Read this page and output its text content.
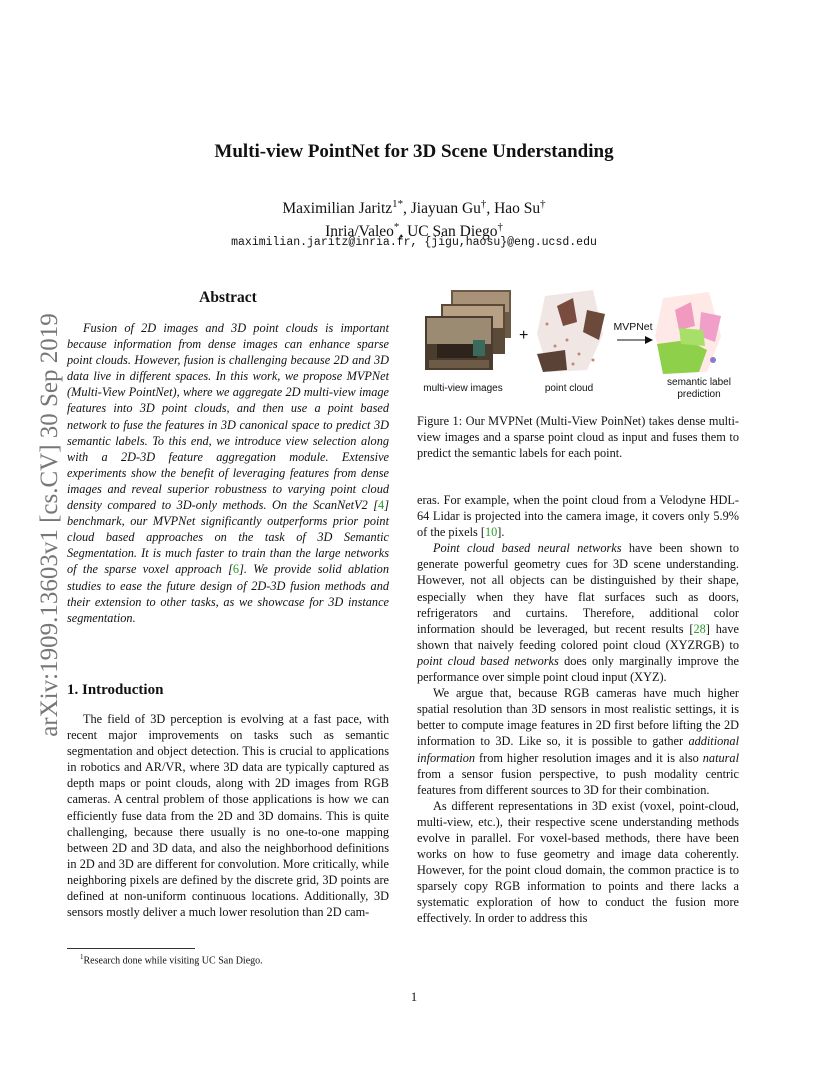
Multi-view PointNet for 3D Scene Understanding
Maximilian Jaritz$^{1*}$, Jiayuan Gu†, Hao Su†
Inria/Valeo*, UC San Diego†
maximilian.jaritz@inria.fr, {jigu,haosu}@eng.ucsd.edu
arXiv:1909.13603v1 [cs.CV] 30 Sep 2019
Abstract
Fusion of 2D images and 3D point clouds is important because information from dense images can enhance sparse point clouds. However, fusion is challenging because 2D and 3D data live in different spaces. In this work, we propose MVPNet (Multi-View PointNet), where we aggregate 2D multi-view image features into 3D point clouds, and then use a point based network to fuse the features in 3D canonical space to predict 3D semantic labels. To this end, we introduce view selection along with a 2D-3D feature aggregation module. Extensive experiments show the benefit of leveraging features from dense images and reveal superior robustness to varying point cloud density compared to 3D-only methods. On the ScanNetV2 [4] benchmark, our MVPNet significantly outperforms prior point cloud based approaches on the task of 3D Semantic Segmentation. It is much faster to train than the large networks of the sparse voxel approach [6]. We provide solid ablation studies to ease the future design of 2D-3D fusion methods and their extension to other tasks, as we showcase for 3D instance segmentation.
1. Introduction
The field of 3D perception is evolving at a fast pace, with recent major improvements on tasks such as semantic segmentation and object detection. This is crucial to applications in robotics and AR/VR, where 3D data are typically captured as depth maps or point clouds, along with 2D images from RGB cameras. A central problem of those applications is how we can efficiently fuse data from the 2D and 3D domains. This is quite challenging, because there usually is no one-to-one mapping between 2D and 3D data, and also the neighborhood definitions in 2D and 3D are different for convolution. More critically, while neighboring pixels are defined by the discrete grid, 3D points are defined at non-uniform continuous locations. Additionally, 3D sensors mostly deliver a much lower resolution than 2D cam-
$^1$Research done while visiting UC San Diego.
+	MVPNet
multi-view images	point cloud
semantic label prediction
Figure 1: Our MVPNet (Multi-View PoinNet) takes dense multi-view images and a sparse point cloud as input and fuses them to predict the semantic labels for each point.

eras. For example, when the point cloud from a Velodyne HDL-64 Lidar is projected into the camera image, it covers only 5.9% of the pixels [10].

Point cloud based neural networks have been shown to generate powerful geometry cues for 3D scene understanding. However, not all objects can be distinguished by their shape, especially when they have flat surfaces such as doors, refrigerators and curtains. Therefore, additional color information should be leveraged, but recent results [28] have shown that naively feeding colored point cloud (XYZRGB) to point cloud based networks does only marginally improve the performance over simple point cloud input (XYZ).

We argue that, because RGB cameras have much higher spatial resolution than 3D sensors in most realistic settings, it is better to compute image features in 2D first before lifting the 2D information to 3D. Like so, it is possible to gather additional information from higher resolution images and it is also natural from a sensor fusion perspective, to push modality centric features from different sources to 3D for their combination.

As different representations in 3D exist (voxel, point-cloud, multi-view, etc.), their respective scene understanding methods evolve in parallel. For voxel-based methods, there have been works on how to fuse geometry and image data coherently. However, for the point cloud domain, the common practice is to sparsely copy RGB information to points and there lacks a systematic exploration of how to conduct the fusion more effectively. In order to address this

1
